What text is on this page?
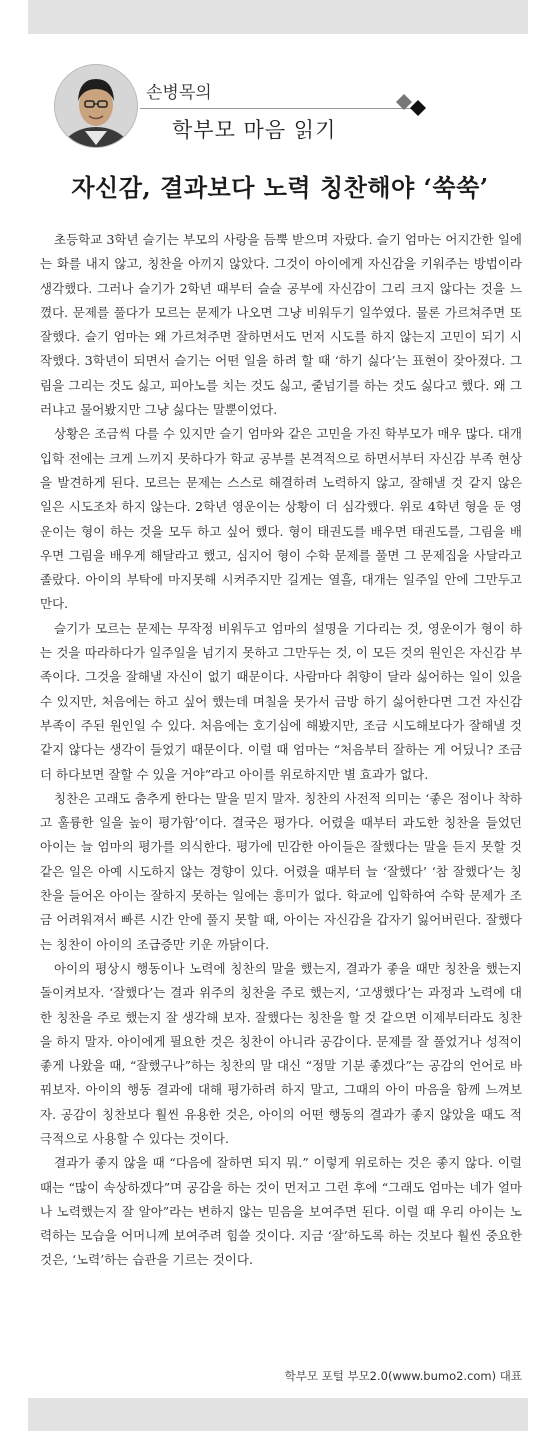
손병목의
학부모 마음 읽기
자신감, 결과보다 노력 칭찬해야 ‘쑥쑥’

초등학교 3학년 슬기는 부모의 사랑을 듬뿍 받으며 자랐다. 슬기 엄마는 어지간한 일에는 화를 내지 않고, 칭찬을 아끼지 않았다. 그것이 아이에게 자신감을 키워주는 방법이라 생각했다. 그러나 슬기가 2학년 때부터 슬슬 공부에 자신감이 그리 크지 않다는 것을 느꼈다. 문제를 풀다가 모르는 문제가 나오면 그냥 비워두기 일쑤였다. 물론 가르쳐주면 또 잘했다. 슬기 엄마는 왜 가르쳐주면 잘하면서도 먼저 시도를 하지 않는지 고민이 되기 시작했다. 3학년이 되면서 슬기는 어떤 일을 하려 할 때 ‘하기 싫다’는 표현이 잦아졌다. 그림을 그리는 것도 싫고, 피아노를 치는 것도 싫고, 줄넘기를 하는 것도 싫다고 했다. 왜 그러냐고 물어봤지만 그냥 싫다는 말뿐이었다.

상황은 조금씩 다를 수 있지만 슬기 엄마와 같은 고민을 가진 학부모가 매우 많다. 대개 입학 전에는 크게 느끼지 못하다가 학교 공부를 본격적으로 하면서부터 자신감 부족 현상을 발견하게 된다. 모르는 문제는 스스로 해결하려 노력하지 않고, 잘해낼 것 같지 않은 일은 시도조차 하지 않는다. 2학년 영운이는 상황이 더 심각했다. 위로 4학년 형을 둔 영운이는 형이 하는 것을 모두 하고 싶어 했다. 형이 태권도를 배우면 태권도를, 그림을 배우면 그림을 배우게 해달라고 했고, 심지어 형이 수학 문제를 풀면 그 문제집을 사달라고 졸랐다. 아이의 부탁에 마지못해 시켜주지만 길게는 열흘, 대개는 일주일 안에 그만두고 만다.

슬기가 모르는 문제는 무작정 비워두고 엄마의 설명을 기다리는 것, 영운이가 형이 하는 것을 따라하다가 일주일을 넘기지 못하고 그만두는 것, 이 모든 것의 원인은 자신감 부족이다. 그것을 잘해낼 자신이 없기 때문이다. 사람마다 취향이 달라 싫어하는 일이 있을 수 있지만, 처음에는 하고 싶어 했는데 며칠을 못가서 금방 하기 싫어한다면 그건 자신감 부족이 주된 원인일 수 있다. 처음에는 호기심에 해봤지만, 조금 시도해보다가 잘해낼 것 같지 않다는 생각이 들었기 때문이다. 이럴 때 엄마는 “처음부터 잘하는 게 어딨니? 조금 더 하다보면 잘할 수 있을 거야”라고 아이를 위로하지만 별 효과가 없다.

칭찬은 고래도 춤추게 한다는 말을 믿지 말자. 칭찬의 사전적 의미는 ‘좋은 점이나 착하고 훌륭한 일을 높이 평가함’이다. 결국은 평가다. 어렸을 때부터 과도한 칭찬을 들었던 아이는 늘 엄마의 평가를 의식한다. 평가에 민감한 아이들은 잘했다는 말을 듣지 못할 것 같은 일은 아예 시도하지 않는 경향이 있다. 어렸을 때부터 늘 ‘잘했다’ ‘참 잘했다’는 칭찬을 들어온 아이는 잘하지 못하는 일에는 흥미가 없다. 학교에 입학하여 수학 문제가 조금 어려워져서 빠른 시간 안에 풀지 못할 때, 아이는 자신감을 갑자기 잃어버린다. 잘했다는 칭찬이 아이의 조급증만 키운 까닭이다.

아이의 평상시 행동이나 노력에 칭찬의 말을 했는지, 결과가 좋을 때만 칭찬을 했는지 돌이켜보자. ‘잘했다’는 결과 위주의 칭찬을 주로 했는지, ‘고생했다’는 과정과 노력에 대한 칭찬을 주로 했는지 잘 생각해 보자. 잘했다는 칭찬을 할 것 같으면 이제부터라도 칭찬을 하지 말자. 아이에게 필요한 것은 칭찬이 아니라 공감이다. 문제를 잘 풀었거나 성적이 좋게 나왔을 때, “잘했구나”하는 칭찬의 말 대신 “정말 기분 좋겠다”는 공감의 언어로 바꿔보자. 아이의 행동 결과에 대해 평가하려 하지 말고, 그때의 아이 마음을 함께 느껴보자. 공감이 칭찬보다 훨씬 유용한 것은, 아이의 어떤 행동의 결과가 좋지 않았을 때도 적극적으로 사용할 수 있다는 것이다.

결과가 좋지 않을 때 “다음에 잘하면 되지 뭐.” 이렇게 위로하는 것은 좋지 않다. 이럴 때는 “많이 속상하겠다”며 공감을 하는 것이 먼저고 그런 후에 “그래도 엄마는 네가 얼마나 노력했는지 잘 알아”라는 변하지 않는 믿음을 보여주면 된다. 이럴 때 우리 아이는 노력하는 모습을 어머니께 보여주려 힘쓸 것이다. 지금 ‘잘’하도록 하는 것보다 훨씬 중요한 것은, ‘노력’하는 습관을 기르는 것이다.

학부모 포털 부모2.0(www.bumo2.com) 대표
